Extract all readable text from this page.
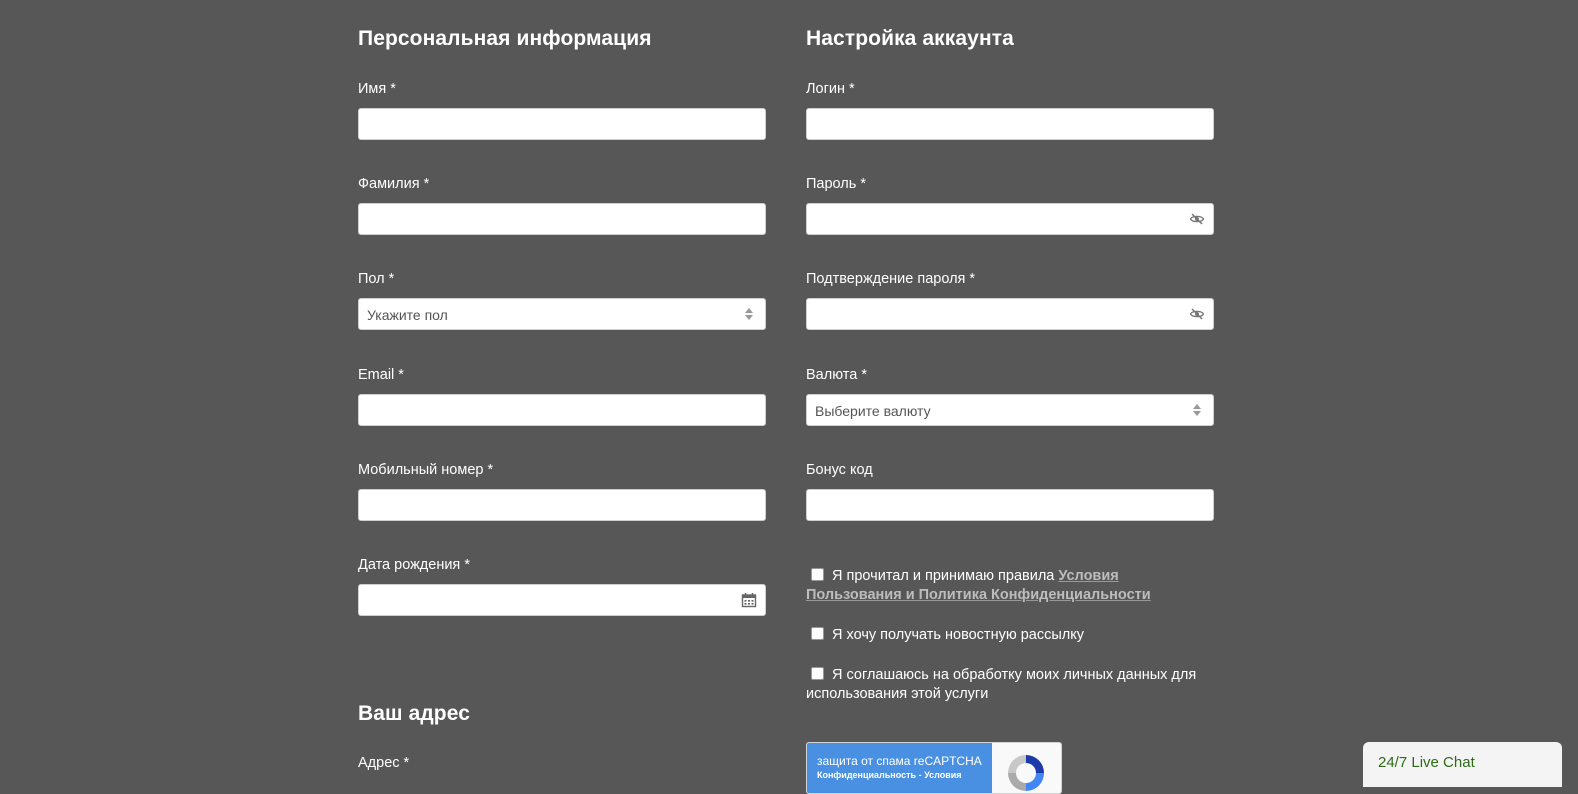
Персональная информация
Имя *
Фамилия *
Пол *
Укажите пол
Email *
Мобильный номер *
Дата рождения *
Ваш адрес
Адрес *
Настройка аккаунта
Логин *
Пароль *
Подтверждение пароля *
Валюта *
Выберите валюту
Бонус код
Я прочитал и принимаю правила Условия Пользования и Политика Конфиденциальности
Я хочу получать новостную рассылку
Я соглашаюсь на обработку моих личных данных для использования этой услуги
защита от спама reCAPTCHA
Конфиденциальность - Условия
24/7 Live Chat
